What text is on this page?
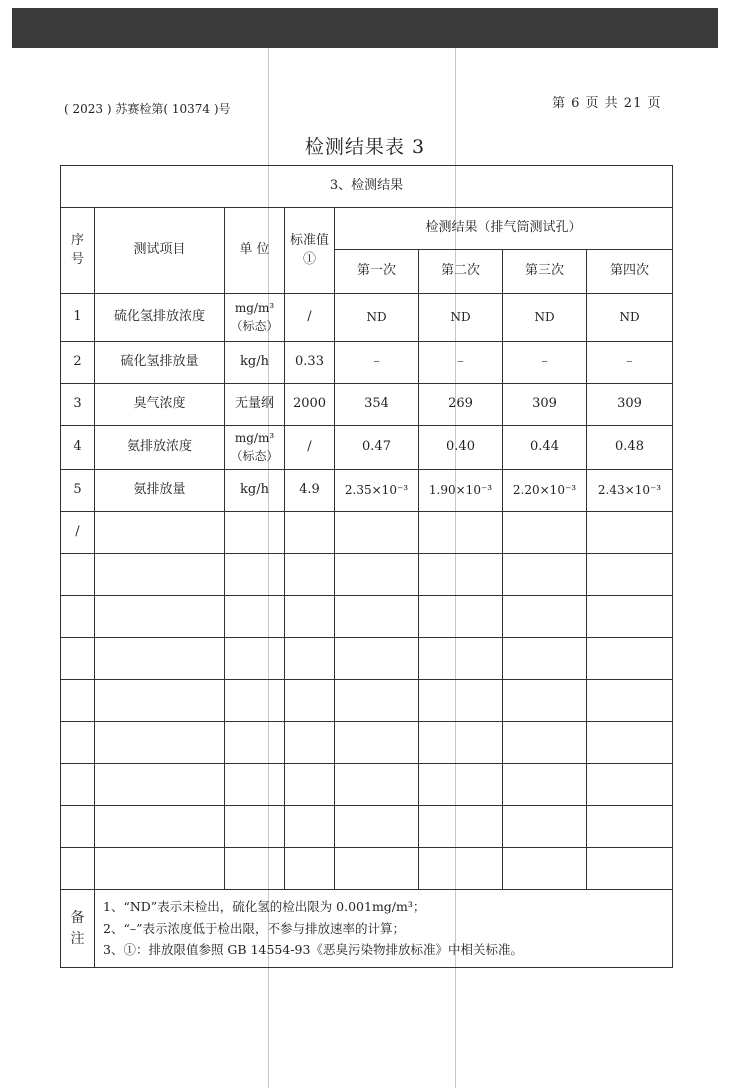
第 6 页 共 21 页
( 2023 ) 苏赛检第( 10374 )号
检测结果表 3
3、检测结果							
序号	测试项目	单 位	标准值①	检测结果（排气筒测试孔）			
				第一次	第二次	第三次	第四次
1	硫化氢排放浓度	mg/m³（标态）	/	ND	ND	ND	ND
2	硫化氢排放量	kg/h	0.33	–	–	–	–
3	臭气浓度	无量纲	2000	354	269	309	309
4	氨排放浓度	mg/m³（标态）	/	0.47	0.40	0.44	0.48
5	氨排放量	kg/h	4.9	2.35×10⁻³	1.90×10⁻³	2.20×10⁻³	2.43×10⁻³
/							

备注	1、“ND”表示未检出，硫化氢的检出限为 0.001mg/m³；
2、“–”表示浓度低于检出限，不参与排放速率的计算；
3、①：排放限值参照 GB 14554-93《恶臭污染物排放标准》中相关标准。						
